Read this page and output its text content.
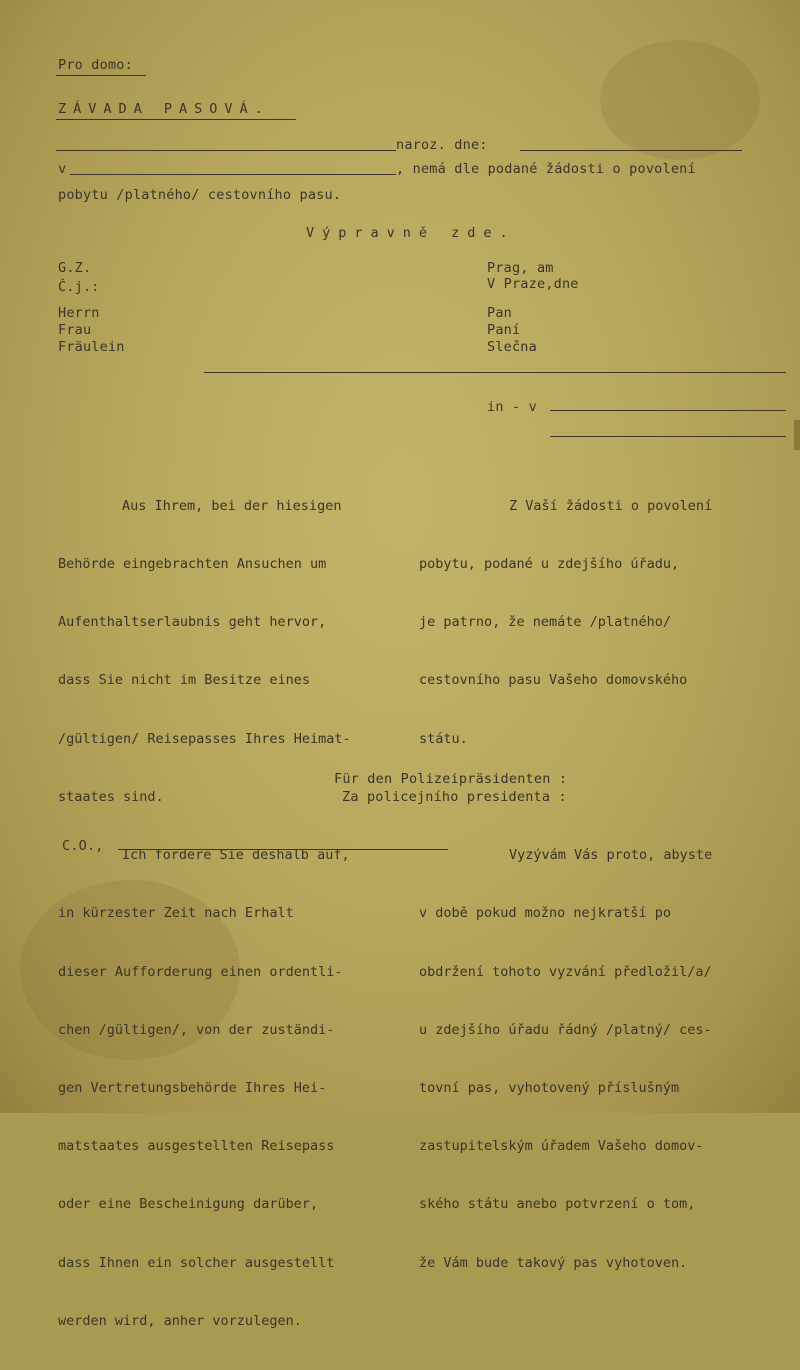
Pro domo:
ZÁVADA PASOVÁ.
naroz. dne:
v	, nemá dle podané žádosti o povolení
pobytu /platného/ cestovního pasu.
Výpravně zde.
G.Z.
Č.j.:
Herrn
Frau
Fräulein
Prag, am
V Praze,dne
Pan
Paní
Slečna
in - v

Aus Ihrem, bei der hiesigen

Behörde eingebrachten Ansuchen um

Aufenthaltserlaubnis geht hervor,

dass Sie nicht im Besitze eines

/gültigen/ Reisepasses Ihres Heimat-

staates sind.

Ich fordere Sie deshalb auf,

in kürzester Zeit nach Erhalt

dieser Aufforderung einen ordentli-

chen /gültigen/, von der zuständi-

gen Vertretungsbehörde Ihres Hei-

matstaates ausgestellten Reisepass

oder eine Bescheinigung darüber,

dass Ihnen ein solcher ausgestellt

werden wird, anher vorzulegen.

Z Vaší žádosti o povolení

pobytu, podané u zdejšího úřadu,

je patrno, že nemáte /platného/

cestovního pasu Vašeho domovského

státu.

Vyzývám Vás proto, abyste

v době pokud možno nejkratší po

obdržení tohoto vyzvání předložil/a/

u zdejšího úřadu řádný /platný/ ces-

tovní pas, vyhotovený příslušným

zastupitelským úřadem Vašeho domov-

ského státu anebo potvrzení o tom,

že Vám bude takový pas vyhotoven.

Für den Polizeipräsidenten :
Za policejního presidenta :
C.O.,
